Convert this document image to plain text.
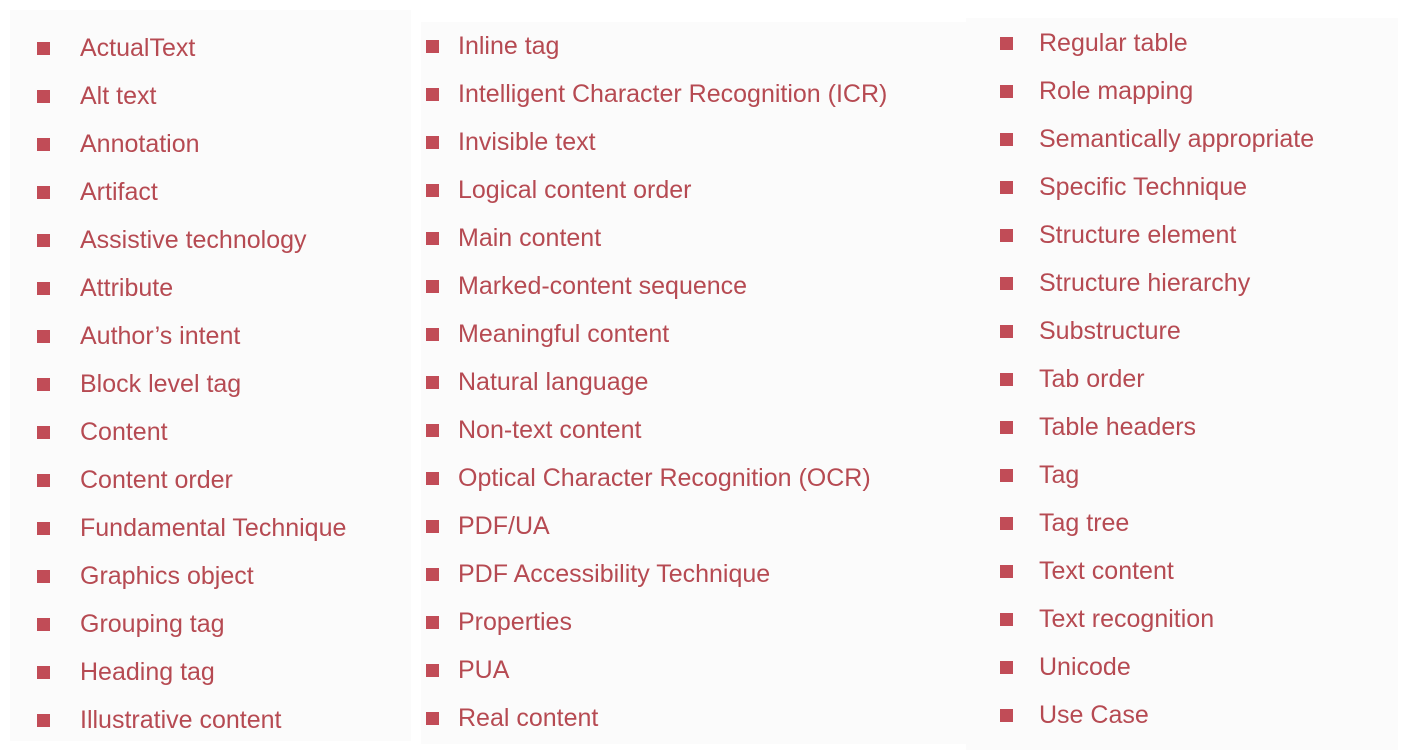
ActualText
Alt text
Annotation
Artifact
Assistive technology
Attribute
Author’s intent
Block level tag
Content
Content order
Fundamental Technique
Graphics object
Grouping tag
Heading tag
Illustrative content
Inline tag
Intelligent Character Recognition (ICR)
Invisible text
Logical content order
Main content
Marked-content sequence
Meaningful content
Natural language
Non-text content
Optical Character Recognition (OCR)
PDF/UA
PDF Accessibility Technique
Properties
PUA
Real content
Regular table
Role mapping
Semantically appropriate
Specific Technique
Structure element
Structure hierarchy
Substructure
Tab order
Table headers
Tag
Tag tree
Text content
Text recognition
Unicode
Use Case
